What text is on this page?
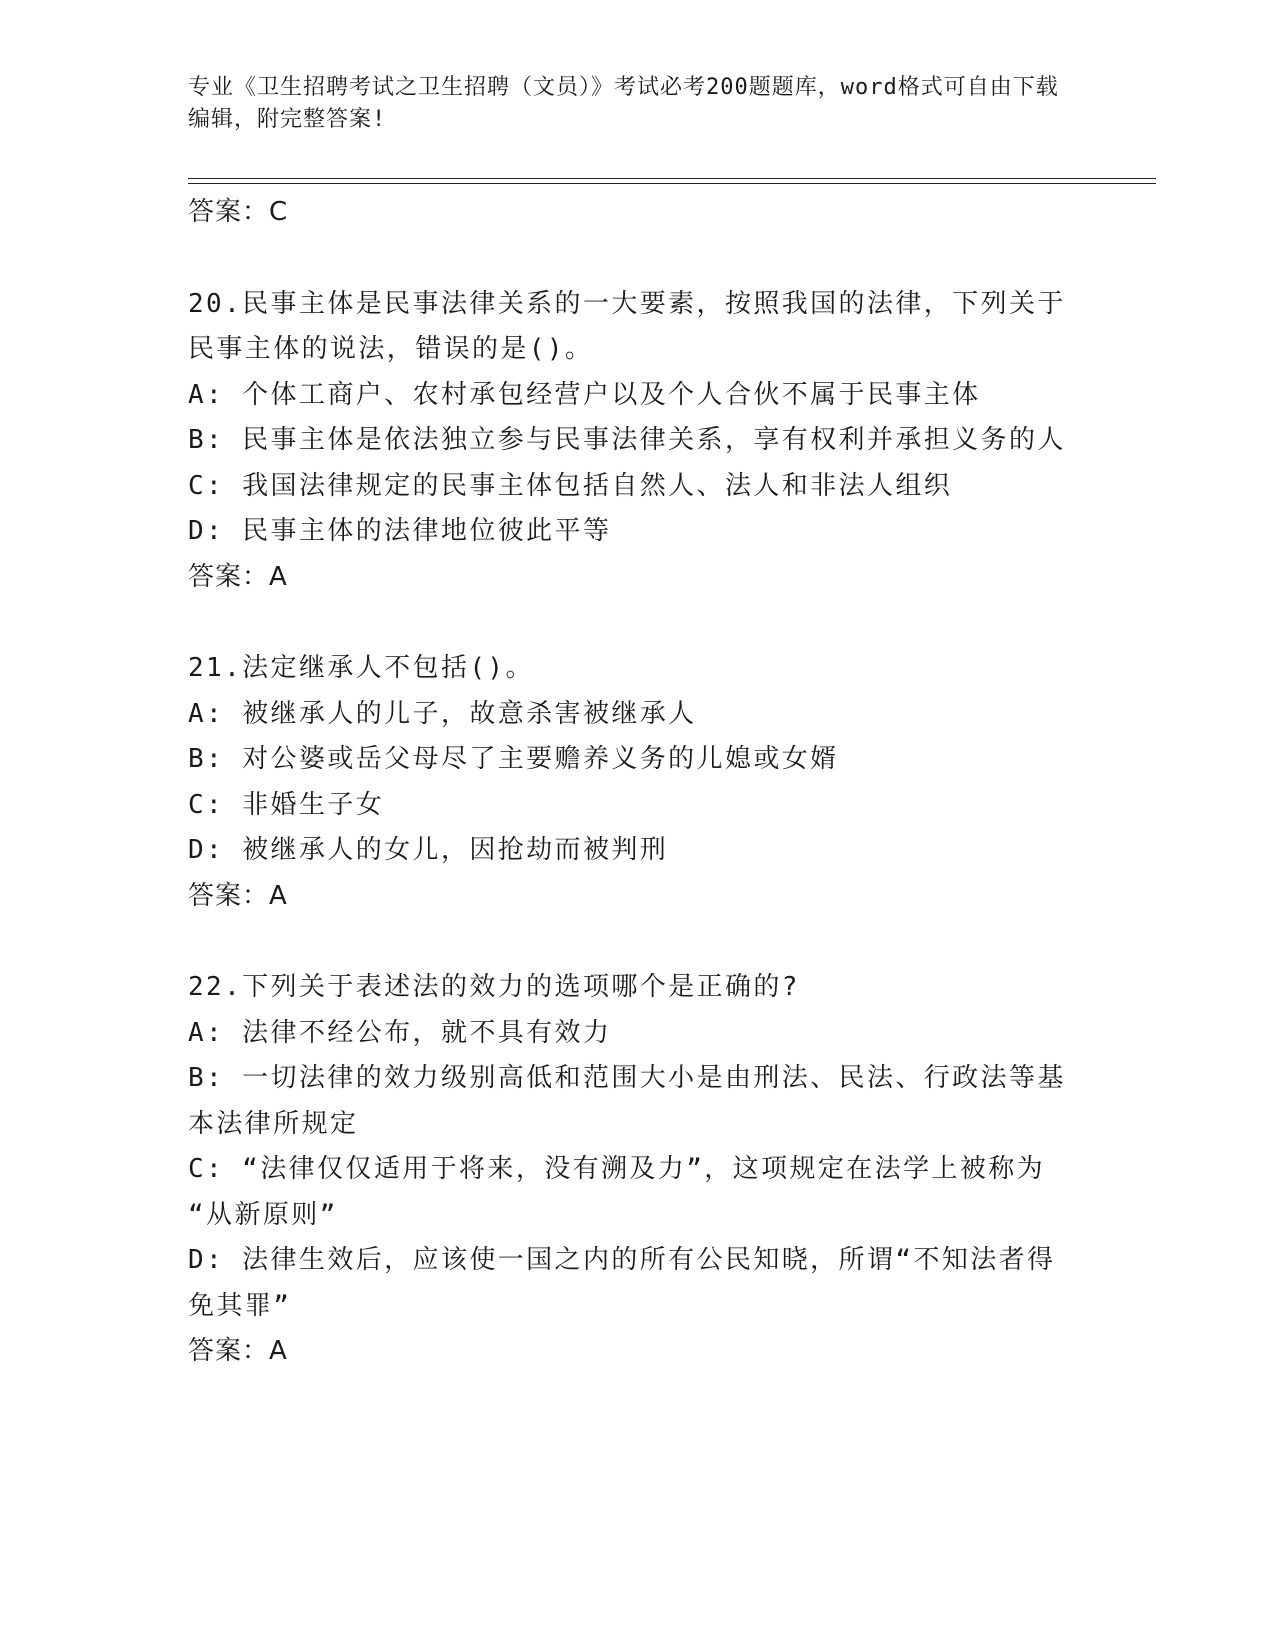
专业《卫生招聘考试之卫生招聘（文员）》考试必考200题题库，word格式可自由下载编辑，附完整答案!
答案：C
20.民事主体是民事法律关系的一大要素，按照我国的法律，下列关于
民事主体的说法，错误的是()。
A: 个体工商户、农村承包经营户以及个人合伙不属于民事主体
B: 民事主体是依法独立参与民事法律关系，享有权利并承担义务的人
C: 我国法律规定的民事主体包括自然人、法人和非法人组织
D: 民事主体的法律地位彼此平等
答案：A
21.法定继承人不包括()。
A: 被继承人的儿子，故意杀害被继承人
B: 对公婆或岳父母尽了主要赡养义务的儿媳或女婿
C: 非婚生子女
D: 被继承人的女儿，因抢劫而被判刑
答案：A
22.下列关于表述法的效力的选项哪个是正确的?
A: 法律不经公布，就不具有效力
B: 一切法律的效力级别高低和范围大小是由刑法、民法、行政法等基
本法律所规定
C: “法律仅仅适用于将来，没有溯及力”，这项规定在法学上被称为
“从新原则”
D: 法律生效后，应该使一国之内的所有公民知晓，所谓“不知法者得
免其罪”
答案：A
